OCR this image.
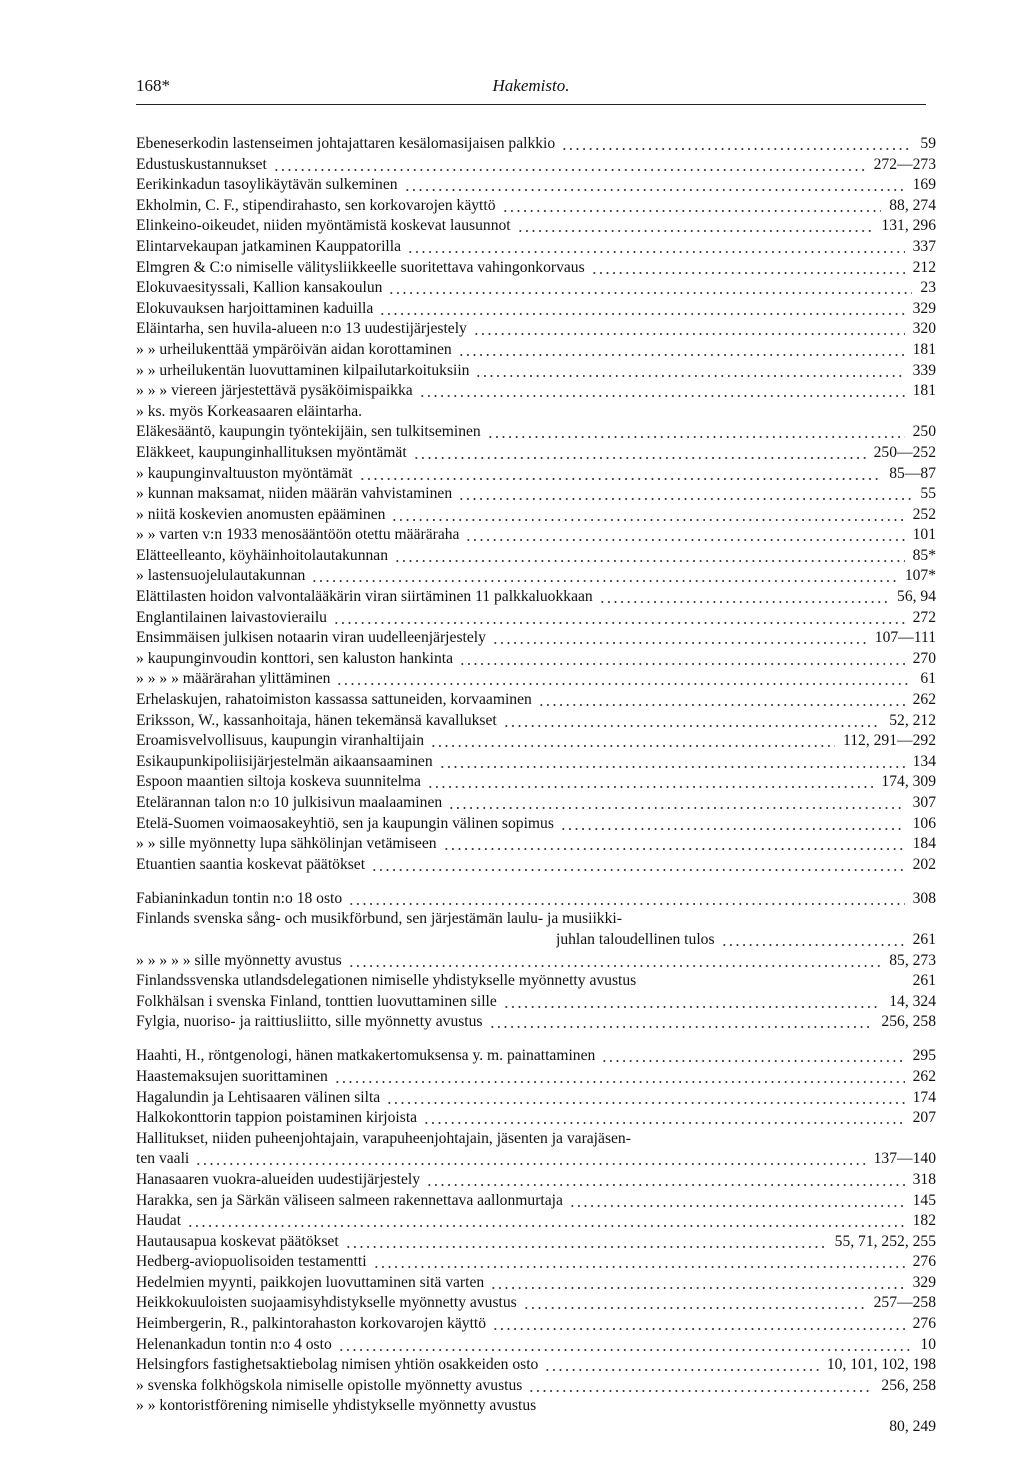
168*	Hakemisto.
Ebeneserkodin lastenseimen johtajattaren kesälomasijaisen palkkio	59
Edustuskustannukset	272—273
Eerikinkadun tasoylikäytävän sulkeminen	169
Ekholmin, C. F., stipendirahasto, sen korkovarojen käyttö	88, 274
Elinkeino-oikeudet, niiden myöntämistä koskevat lausunnot	131, 296
Elintarvekaupan jatkaminen Kauppatorilla	337
Elmgren & C:o nimiselle välitysliikkeelle suoritettava vahingonkorvaus	212
Elokuvaesityssali, Kallion kansakoulun	23
Elokuvauksen harjoittaminen kaduilla	329
Eläintarha, sen huvila-alueen n:o 13 uudestijärjestely	320
» » urheilukenttää ympäröivän aidan korottaminen	181
» » urheilukentän luovuttaminen kilpailutarkoituksiin	339
» » » viereen järjestettävä pysäköimispaikka	181
» ks. myös Korkeasaaren eläintarha.
Eläkesääntö, kaupungin työntekijäin, sen tulkitseminen	250
Eläkkeet, kaupunginhallituksen myöntämät	250—252
» kaupunginvaltuuston myöntämät	85—87
» kunnan maksamat, niiden määrän vahvistaminen	55
» niitä koskevien anomusten epääminen	252
» » varten v:n 1933 menosääntöön otettu määräraha	101
Elätteelleanto, köyhäinhoitolautakunnan	85*
» lastensuojelulautakunnan	107*
Elättilasten hoidon valvontalääkärin viran siirtäminen 11 palkkaluokkaan	56, 94
Englantilainen laivastovierailu	272
Ensimmäisen julkisen notaarin viran uudelleenjärjestely	107—111
» kaupunginvoudin konttori, sen kaluston hankinta	270
» » » » määrärahan ylittäminen	61
Erhelaskujen, rahatoimiston kassassa sattuneiden, korvaaminen	262
Eriksson, W., kassanhoitaja, hänen tekemänsä kavallukset	52, 212
Eroamisvelvollisuus, kaupungin viranhaltijain	112, 291—292
Esikaupunkipoliisijärjestelmän aikaansaaminen	134
Espoon maantien siltoja koskeva suunnitelma	174, 309
Etelärannan talon n:o 10 julkisivun maalaaminen	307
Etelä-Suomen voimaosakeyhtiö, sen ja kaupungin välinen sopimus	106
» » sille myönnetty lupa sähkölinjan vetämiseen	184
Etuantien saantia koskevat päätökset	202
Fabianinkadun tontin n:o 18 osto	308
Finlands svenska sång- och musikförbund, sen järjestämän laulu- ja musiikki-
juhlan taloudellinen tulos	261
» » » » » sille myönnetty avustus	85, 273
Finlandssvenska utlandsdelegationen nimiselle yhdistykselle myönnetty avustus	261
Folkhälsan i svenska Finland, tonttien luovuttaminen sille	14, 324
Fylgia, nuoriso- ja raittiusliitto, sille myönnetty avustus	256, 258
Haahti, H., röntgenologi, hänen matkakertomuksensa y. m. painattaminen	295
Haastemaksujen suorittaminen	262
Hagalundin ja Lehtisaaren välinen silta	174
Halkokonttorin tappion poistaminen kirjoista	207
Hallitukset, niiden puheenjohtajain, varapuheenjohtajain, jäsenten ja varajäsen-
ten vaali	137—140
Hanasaaren vuokra-alueiden uudestijärjestely	318
Harakka, sen ja Särkän väliseen salmeen rakennettava aallonmurtaja	145
Haudat	182
Hautausapua koskevat päätökset	55, 71, 252, 255
Hedberg-aviopuolisoiden testamentti	276
Hedelmien myynti, paikkojen luovuttaminen sitä varten	329
Heikkokuuloisten suojaamisyhdistykselle myönnetty avustus	257—258
Heimbergerin, R., palkintorahaston korkovarojen käyttö	276
Helenankadun tontin n:o 4 osto	10
Helsingfors fastighetsaktiebolag nimisen yhtiön osakkeiden osto	10, 101, 102, 198
» svenska folkhögskola nimiselle opistolle myönnetty avustus	256, 258
» » kontoristförening nimiselle yhdistykselle myönnetty avustus
80, 249
